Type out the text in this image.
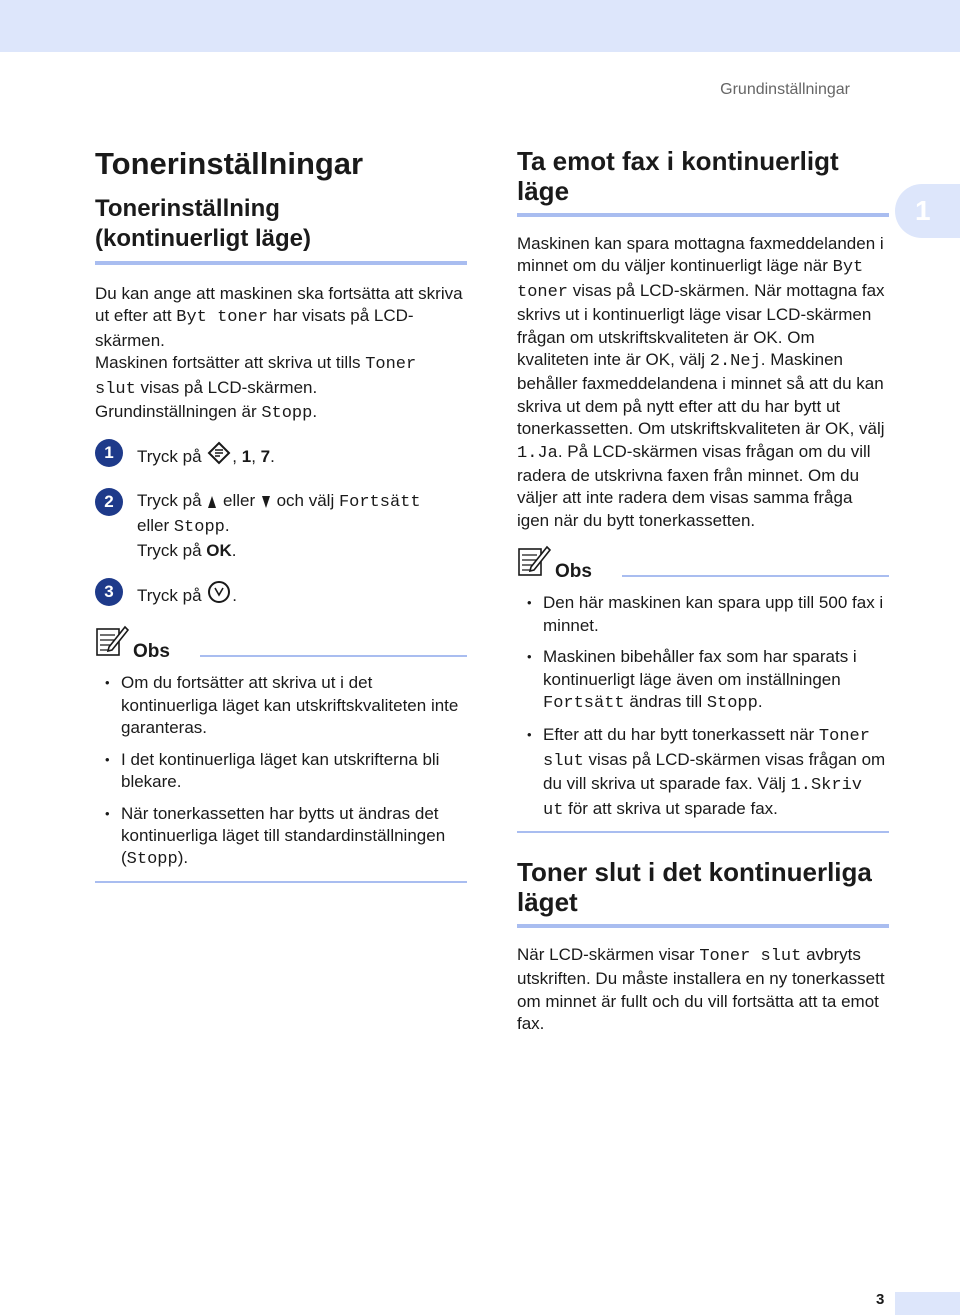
Grundinställningar
1
Tonerinställningar
Tonerinställning
(kontinuerligt läge)

Du kan ange att maskinen ska fortsätta att skriva ut efter att Byt toner har visats på LCD-skärmen.
Maskinen fortsätter att skriva ut tills Toner slut visas på LCD-skärmen.
Grundinställningen är Stopp.

1	Tryck på , 1, 7.
2	Tryck på  eller  och välj Fortsätt
eller Stopp.
Tryck på OK.
3	Tryck på .
Obs
• Om du fortsätter att skriva ut i det kontinuerliga läget kan utskriftskvaliteten inte garanteras.
• I det kontinuerliga läget kan utskrifterna bli blekare.
• När tonerkassetten har bytts ut ändras det kontinuerliga läget till standardinställningen (Stopp).
Ta emot fax i kontinuerligt
läge

Maskinen kan spara mottagna faxmeddelanden i minnet om du väljer kontinuerligt läge när Byt toner visas på LCD-skärmen. När mottagna fax skrivs ut i kontinuerligt läge visar LCD-skärmen frågan om utskriftskvaliteten är OK. Om kvaliteten inte är OK, välj 2.Nej. Maskinen behåller faxmeddelandena i minnet så att du kan skriva ut dem på nytt efter att du har bytt ut tonerkassetten. Om utskriftskvaliteten är OK, välj 1.Ja. På LCD-skärmen visas frågan om du vill radera de utskrivna faxen från minnet. Om du väljer att inte radera dem visas samma fråga igen när du bytt tonerkassetten.

Obs
• Den här maskinen kan spara upp till 500 fax i minnet.
• Maskinen bibehåller fax som har sparats i kontinuerligt läge även om inställningen Fortsätt ändras till Stopp.
• Efter att du har bytt tonerkassett när Toner slut visas på LCD-skärmen visas frågan om du vill skriva ut sparade fax. Välj 1.Skriv ut för att skriva ut sparade fax.
Toner slut i det kontinuerliga
läget

När LCD-skärmen visar Toner slut avbryts utskriften. Du måste installera en ny tonerkassett om minnet är fullt och du vill fortsätta att ta emot fax.

3
